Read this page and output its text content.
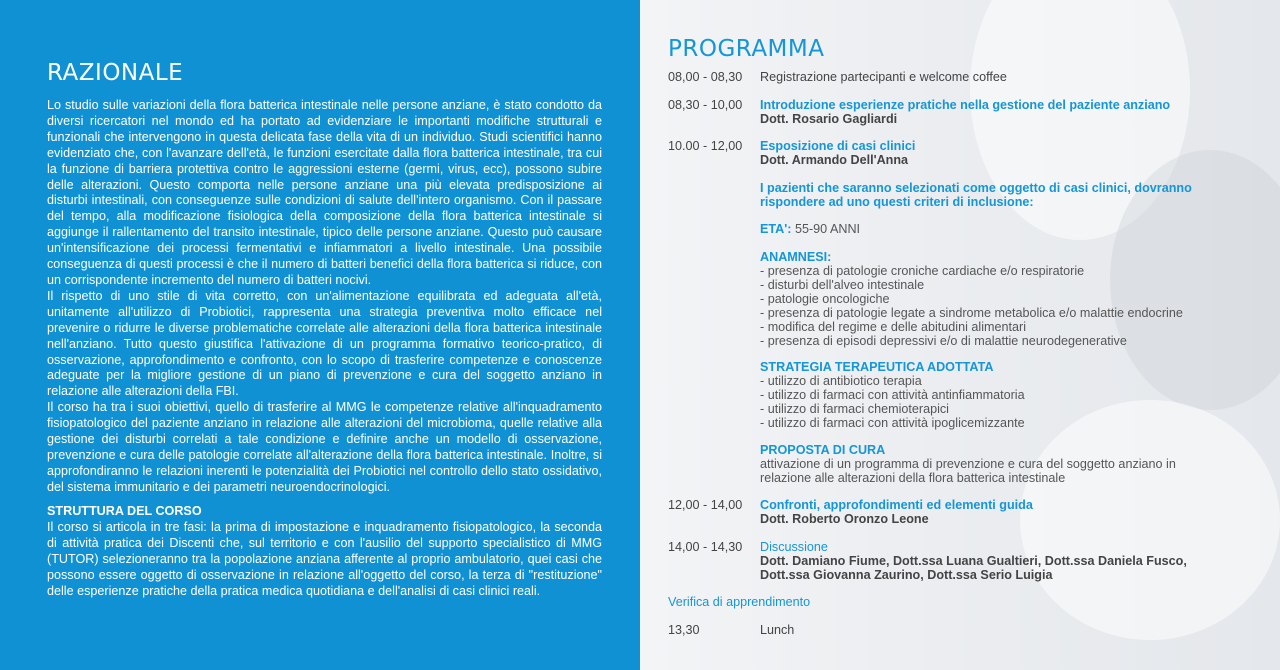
RAZIONALE

Lo studio sulle variazioni della flora batterica intestinale nelle persone anziane, è stato condotto da diversi ricercatori nel mondo ed ha portato ad evidenziare le importanti modifiche strutturali e funzionali che intervengono in questa delicata fase della vita di un individuo. Studi scientifici hanno evidenziato che, con l'avanzare dell'età, le funzioni esercitate dalla flora batterica intestinale, tra cui la funzione di barriera protettiva contro le aggressioni esterne (germi, virus, ecc), possono subire delle alterazioni. Questo comporta nelle persone anziane una più elevata predisposizione ai disturbi intestinali, con conseguenze sulle condizioni di salute dell'intero organismo. Con il passare del tempo, alla modificazione fisiologica della composizione della flora batterica intestinale si aggiunge il rallentamento del transito intestinale, tipico delle persone anziane. Questo può causare un'intensificazione dei processi fermentativi e infiammatori a livello intestinale. Una possibile conseguenza di questi processi è che il numero di batteri benefici della flora batterica si riduce, con un corrispondente incremento del numero di batteri nocivi.

Il rispetto di uno stile di vita corretto, con un'alimentazione equilibrata ed adeguata all'età, unitamente all'utilizzo di Probiotici, rappresenta una strategia preventiva molto efficace nel prevenire o ridurre le diverse problematiche correlate alle alterazioni della flora batterica intestinale nell'anziano. Tutto questo giustifica l'attivazione di un programma formativo teorico-pratico, di osservazione, approfondimento e confronto, con lo scopo di trasferire competenze e conoscenze adeguate per la migliore gestione di un piano di prevenzione e cura del soggetto anziano in relazione alle alterazioni della FBI.

Il corso ha tra i suoi obiettivi, quello di trasferire al MMG le competenze relative all'inquadramento fisiopatologico del paziente anziano in relazione alle alterazioni del microbioma, quelle relative alla gestione dei disturbi correlati a tale condizione e definire anche un modello di osservazione, prevenzione e cura delle patologie correlate all'alterazione della flora batterica intestinale. Inoltre, si approfondiranno le relazioni inerenti le potenzialità dei Probiotici nel controllo dello stato ossidativo, del sistema immunitario e dei parametri neuroendocrinologici.

STRUTTURA DEL CORSO

Il corso si articola in tre fasi: la prima di impostazione e inquadramento fisiopatologico, la seconda di attività pratica dei Discenti che, sul territorio e con l'ausilio del supporto specialistico di MMG (TUTOR) selezioneranno tra la popolazione anziana afferente al proprio ambulatorio, quei casi che possono essere oggetto di osservazione in relazione all'oggetto del corso, la terza di "restituzione" delle esperienze pratiche della pratica medica quotidiana e dell'analisi di casi clinici reali.

PROGRAMMA
08,00 - 08,30	Registrazione partecipanti e welcome coffee
08,30 - 10,00	Introduzione esperienze pratiche nella gestione del paziente anziano
Dott. Rosario Gagliardi
10.00 - 12,00	Esposizione di casi clinici
Dott. Armando Dell'Anna
I pazienti che saranno selezionati come oggetto di casi clinici, dovranno
rispondere ad uno questi criteri di inclusione:
ETA': 55-90 ANNI
ANAMNESI:
- presenza di patologie croniche cardiache e/o respiratorie
- disturbi dell'alveo intestinale
- patologie oncologiche
- presenza di patologie legate a sindrome metabolica e/o malattie endocrine
- modifica del regime e delle abitudini alimentari
- presenza di episodi depressivi e/o di malattie neurodegenerative
STRATEGIA TERAPEUTICA ADOTTATA
- utilizzo di antibiotico terapia
- utilizzo di farmaci con attività antinfiammatoria
- utilizzo di farmaci chemioterapici
- utilizzo di farmaci con attività ipoglicemizzante
PROPOSTA DI CURA
attivazione di un programma di prevenzione e cura del soggetto anziano in
relazione alle alterazioni della flora batterica intestinale
12,00 - 14,00	Confronti, approfondimenti ed elementi guida
Dott. Roberto Oronzo Leone
14,00 - 14,30	Discussione
Dott. Damiano Fiume, Dott.ssa Luana Gualtieri, Dott.ssa Daniela Fusco,
Dott.ssa Giovanna Zaurino, Dott.ssa Serio Luigia
Verifica di apprendimento
13,30	Lunch
